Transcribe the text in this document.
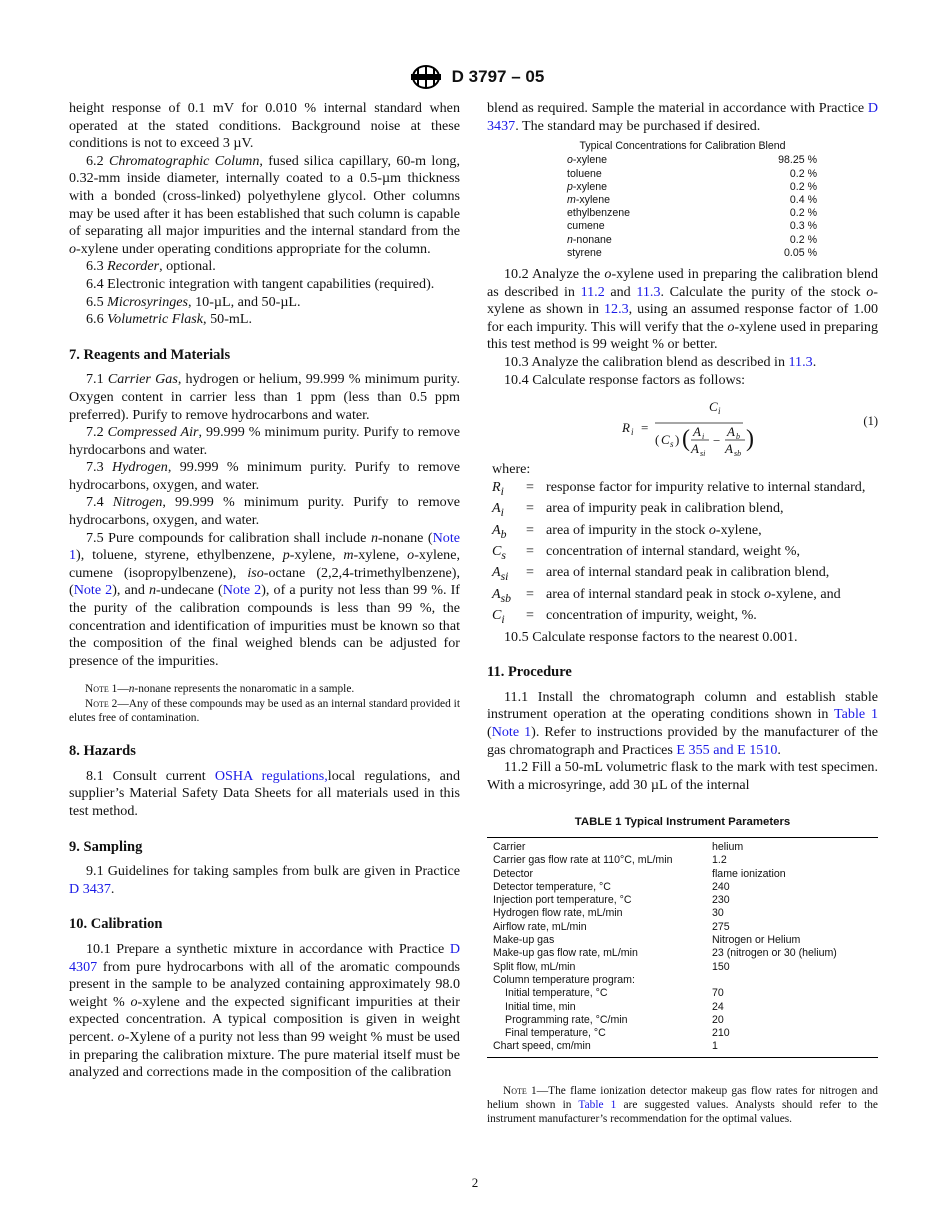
D 3797 – 05

height response of 0.1 mV for 0.010 % internal standard when operated at the stated conditions. Background noise at these conditions is not to exceed 3 µV.

6.2 Chromatographic Column, fused silica capillary, 60-m long, 0.32-mm inside diameter, internally coated to a 0.5-µm thickness with a bonded (cross-linked) polyethylene glycol. Other columns may be used after it has been established that such column is capable of separating all major impurities and the internal standard from the o-xylene under operating conditions appropriate for the column.

6.3 Recorder, optional.

6.4 Electronic integration with tangent capabilities (required).

6.5 Microsyringes, 10-µL, and 50-µL.

6.6 Volumetric Flask, 50-mL.

7. Reagents and Materials

7.1 Carrier Gas, hydrogen or helium, 99.999 % minimum purity. Oxygen content in carrier less than 1 ppm (less than 0.5 ppm preferred). Purify to remove hydrocarbons and water.

7.2 Compressed Air, 99.999 % minimum purity. Purify to remove hyrdocarbons and water.

7.3 Hydrogen, 99.999 % minimum purity. Purify to remove hydrocarbons, oxygen, and water.

7.4 Nitrogen, 99.999 % minimum purity. Purify to remove hydrocarbons, oxygen, and water.

7.5 Pure compounds for calibration shall include n-nonane (Note 1), toluene, styrene, ethylbenzene, p-xylene, m-xylene, o-xylene, cumene (isopropylbenzene), iso-octane (2,2,4-trimethylbenzene), (Note 2), and n-undecane (Note 2), of a purity not less than 99 %. If the purity of the calibration compounds is less than 99 %, the concentration and identification of impurities must be known so that the composition of the final weighed blends can be adjusted for presence of the impurities.

Note 1—n-nonane represents the nonaromatic in a sample.

Note 2—Any of these compounds may be used as an internal standard provided it elutes free of contamination.

8. Hazards

8.1 Consult current OSHA regulations,local regulations, and supplier’s Material Safety Data Sheets for all materials used in this test method.

9. Sampling

9.1 Guidelines for taking samples from bulk are given in Practice D 3437.

10. Calibration

10.1 Prepare a synthetic mixture in accordance with Practice D 4307 from pure hydrocarbons with all of the aromatic compounds present in the sample to be analyzed containing approximately 98.0 weight % o-xylene and the expected significant impurities at their expected concentration. A typical composition is given in weight percent. o-Xylene of a purity not less than 99 weight % must be used in preparing the calibration mixture. The pure material itself must be analyzed and corrections made in the composition of the calibration

blend as required. Sample the material in accordance with Practice D 3437. The standard may be purchased if desired.

Typical Concentrations for Calibration Blend
o-xylene	98.25 %
toluene	0.2 %
p-xylene	0.2 %
m-xylene	0.4 %
ethylbenzene	0.2 %
cumene	0.3 %
n-nonane	0.2 %
styrene	0.05 %

10.2 Analyze the o-xylene used in preparing the calibration blend as described in 11.2 and 11.3. Calculate the purity of the stock o-xylene as shown in 12.3, using an assumed response factor of 1.00 for each impurity. This will verify that the o-xylene used in preparing this test method is 99 weight % or better.

10.3 Analyze the calibration blend as described in 11.3.

10.4 Calculate response factors as follows:

R i =
C i
( C s ) ( A i
A si
−
A b
A sb
)
(1)

where:

$R_i$	=	response factor for impurity relative to internal standard,
$A_i$	=	area of impurity peak in calibration blend,
$A_b$	=	area of impurity in the stock o-xylene,
$C_s$	=	concentration of internal standard, weight %,
$A_{si}$	=	area of internal standard peak in calibration blend,
$A_{sb}$	=	area of internal standard peak in stock o-xylene, and
$C_i$	=	concentration of impurity, weight, %.

10.5 Calculate response factors to the nearest 0.001.

11. Procedure

11.1 Install the chromatograph column and establish stable instrument operation at the operating conditions shown in Table 1 (Note 1). Refer to instructions provided by the manufacturer of the gas chromatograph and Practices E 355 and E 1510.

11.2 Fill a 50-mL volumetric flask to the mark with test specimen. With a microsyringe, add 30 µL of the internal

TABLE 1 Typical Instrument Parameters
Carrier	helium
Carrier gas flow rate at 110°C, mL/min	1.2
Detector	flame ionization
Detector temperature, °C	240
Injection port temperature, °C	230
Hydrogen flow rate, mL/min	30
Airflow rate, mL/min	275
Make-up gas	Nitrogen or Helium
Make-up gas flow rate, mL/min	23 (nitrogen or 30 (helium)
Split flow, mL/min	150
Column temperature program:	
Initial temperature, °C	70
Initial time, min	24
Programming rate, °C/min	20
Final temperature, °C	210
Chart speed, cm/min	1

Note 1—The flame ionization detector makeup gas flow rates for nitrogen and helium shown in Table 1 are suggested values. Analysts should refer to the instrument manufacturer’s recommendation for the optimal values.

2
